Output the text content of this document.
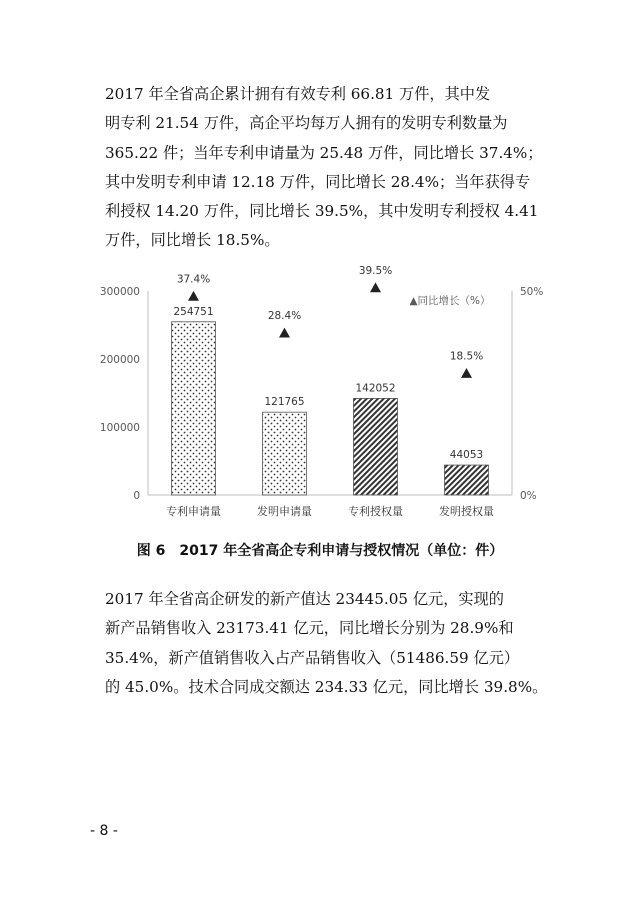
2017 年全省高企累计拥有有效专利 66.81 万件，其中发
明专利 21.54 万件，高企平均每万人拥有的发明专利数量为
365.22 件；当年专利申请量为 25.48 万件，同比增长 37.4%；
其中发明专利申请 12.18 万件，同比增长 28.4%；当年获得专
利授权 14.20 万件，同比增长 39.5%，其中发明专利授权 4.41
万件，同比增长 18.5%。
0
100000
200000
300000
0%
50%
254751
专利申请量
37.4%
121765
发明申请量
28.4%
142052
专利授权量
39.5%
44053
发明授权量
18.5%
▲同比增长（%）
图 6　2017 年全省高企专利申请与授权情况（单位：件）
2017 年全省高企研发的新产值达 23445.05 亿元，实现的
新产品销售收入 23173.41 亿元，同比增长分别为 28.9%和
35.4%，新产值销售收入占产品销售收入（51486.59 亿元）
的 45.0%。技术合同成交额达 234.33 亿元，同比增长 39.8%。
- 8 -
